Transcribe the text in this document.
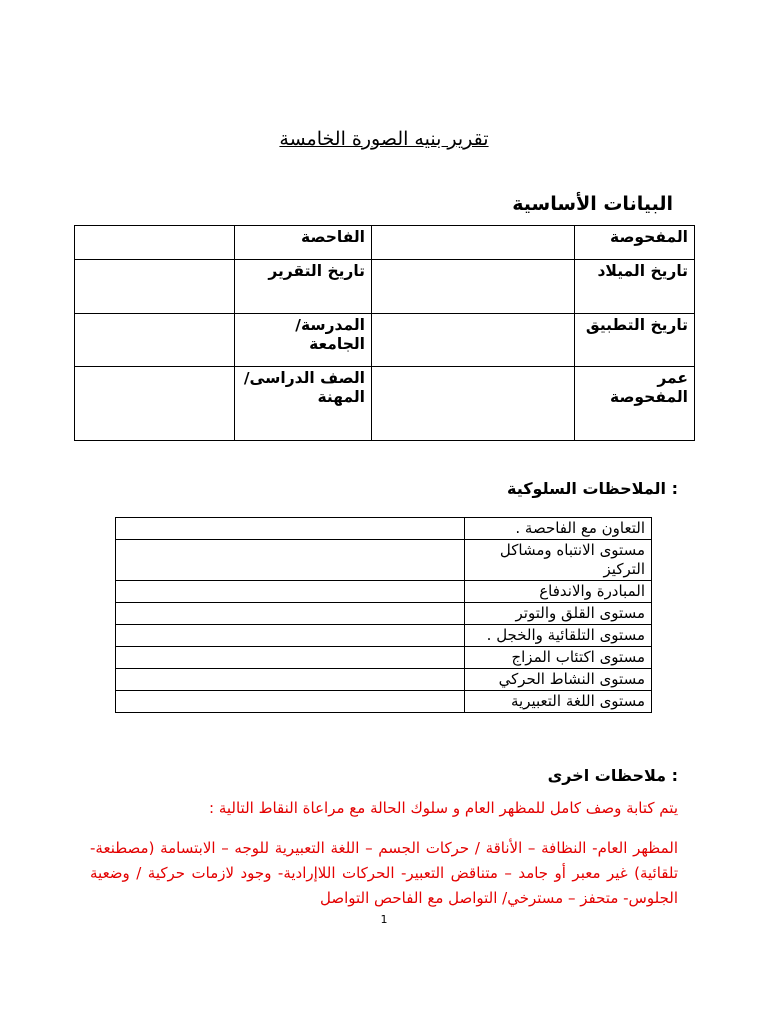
تقرير بنيه الصورة الخامسة
البيانات الأساسية
المفحوصة		الفاحصة	
تاريخ الميلاد		تاريخ التقرير	
تاريخ التطبيق		المدرسة/ الجامعة	
عمر المفحوصة		الصف الدراسى/المهنة	
الملاحظات السلوكية :
التعاون مع الفاحصة .	
مستوى الانتباه ومشاكل التركيز	
المبادرة والاندفاع	
مستوى القلق والتوتر	
مستوى التلقائية والخجل .	
مستوى اكتئاب المزاج	
مستوى النشاط الحركي	
مستوى اللغة التعبيرية	
ملاحظات اخرى :
يتم كتابة وصف كامل للمظهر العام و سلوك الحالة مع مراعاة النقاط التالية :
المظهر العام- النظافة – الأناقة / حركات الجسم – اللغة التعبيرية للوجه – الابتسامة (مصطنعة- تلقائية) غير معبر أو جامد – متناقض التعبير- الحركات اللاإرادية- وجود لازمات حركية / وضعية الجلوس- متحفز – مسترخي/ التواصل مع الفاحص التواصل
1
